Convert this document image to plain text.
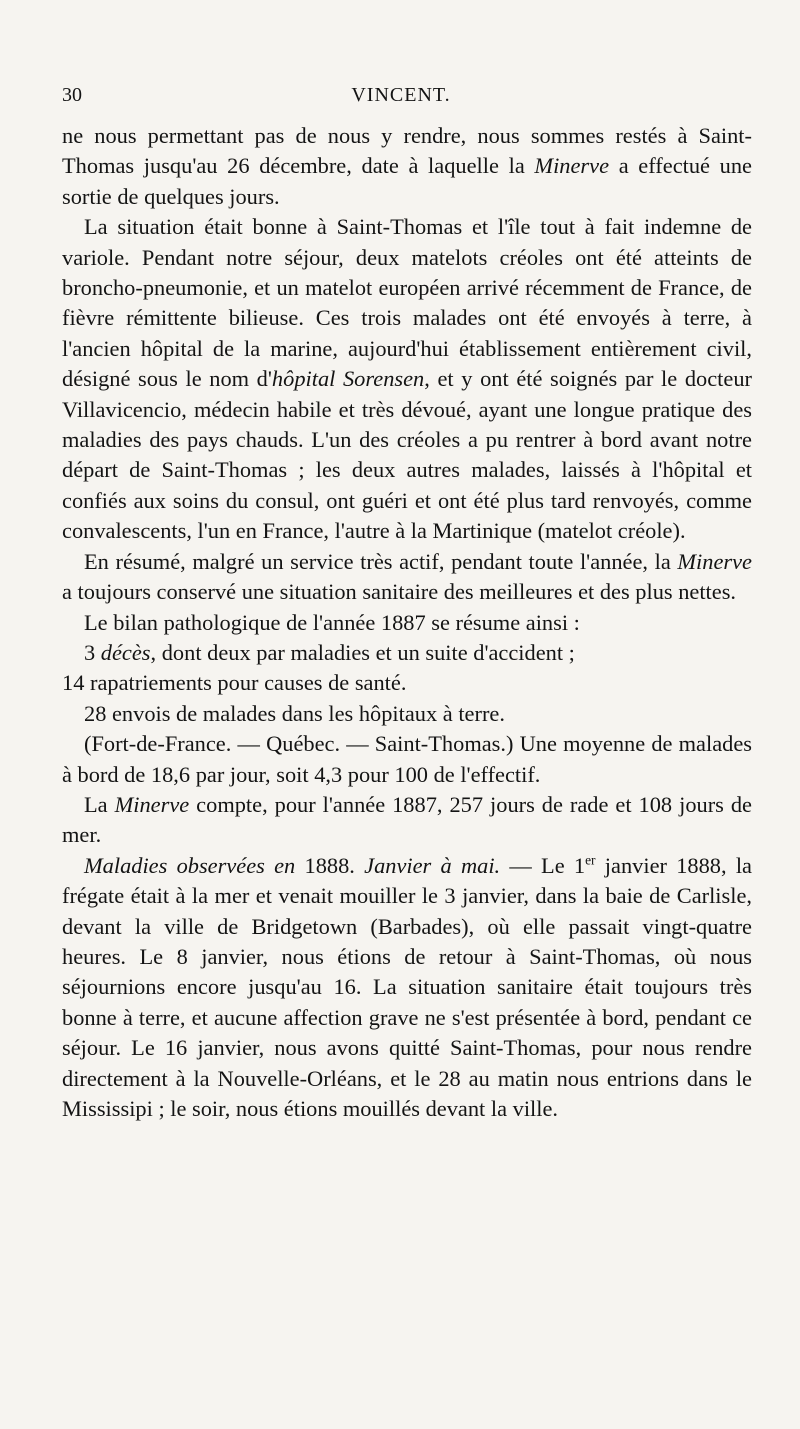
30	VINCENT.

ne nous permettant pas de nous y rendre, nous sommes restés à Saint-Thomas jusqu'au 26 décembre, date à laquelle la Minerve a effectué une sortie de quelques jours.

La situation était bonne à Saint-Thomas et l'île tout à fait indemne de variole. Pendant notre séjour, deux matelots créoles ont été atteints de broncho-pneumonie, et un matelot européen arrivé récemment de France, de fièvre rémittente bilieuse. Ces trois malades ont été envoyés à terre, à l'ancien hôpital de la marine, aujourd'hui établissement entièrement civil, désigné sous le nom d'hôpital Sorensen, et y ont été soignés par le docteur Villavicencio, médecin habile et très dévoué, ayant une longue pratique des maladies des pays chauds. L'un des créoles a pu rentrer à bord avant notre départ de Saint-Thomas ; les deux autres malades, laissés à l'hôpital et confiés aux soins du consul, ont guéri et ont été plus tard renvoyés, comme convalescents, l'un en France, l'autre à la Martinique (matelot créole).

En résumé, malgré un service très actif, pendant toute l'année, la Minerve a toujours conservé une situation sanitaire des meilleures et des plus nettes.

Le bilan pathologique de l'année 1887 se résume ainsi :

3 décès, dont deux par maladies et un suite d'accident ;

14 rapatriements pour causes de santé.

28 envois de malades dans les hôpitaux à terre.

(Fort-de-France. — Québec. — Saint-Thomas.) Une moyenne de malades à bord de 18,6 par jour, soit 4,3 pour 100 de l'effectif.

La Minerve compte, pour l'année 1887, 257 jours de rade et 108 jours de mer.

Maladies observées en 1888. Janvier à mai. — Le 1er janvier 1888, la frégate était à la mer et venait mouiller le 3 janvier, dans la baie de Carlisle, devant la ville de Bridgetown (Barbades), où elle passait vingt-quatre heures. Le 8 janvier, nous étions de retour à Saint-Thomas, où nous séjournions encore jusqu'au 16. La situation sanitaire était toujours très bonne à terre, et aucune affection grave ne s'est présentée à bord, pendant ce séjour. Le 16 janvier, nous avons quitté Saint-Thomas, pour nous rendre directement à la Nouvelle-Orléans, et le 28 au matin nous entrions dans le Mississipi ; le soir, nous étions mouillés devant la ville.
